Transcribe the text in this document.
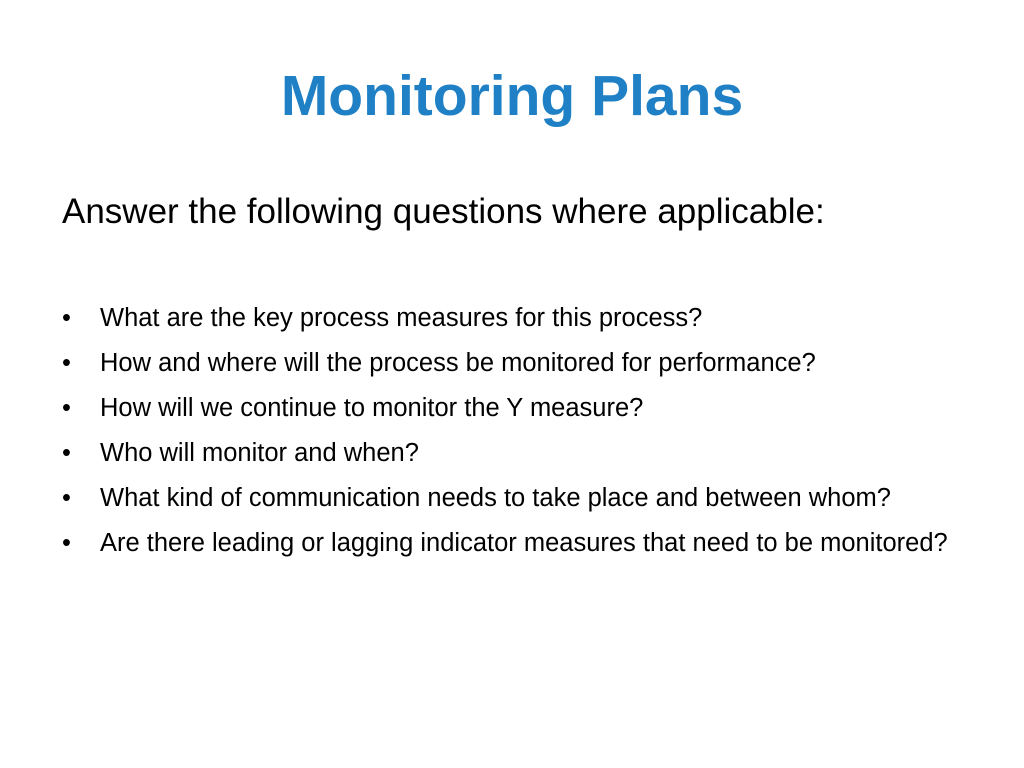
Monitoring Plans

Answer the following questions where applicable:

•	What are the key process measures for this process?
•	How and where will the process be monitored for performance?
•	How will we continue to monitor the Y measure?
•	Who will monitor and when?
•	What kind of communication needs to take place and between whom?
•	Are there leading or lagging indicator measures that need to be monitored?
